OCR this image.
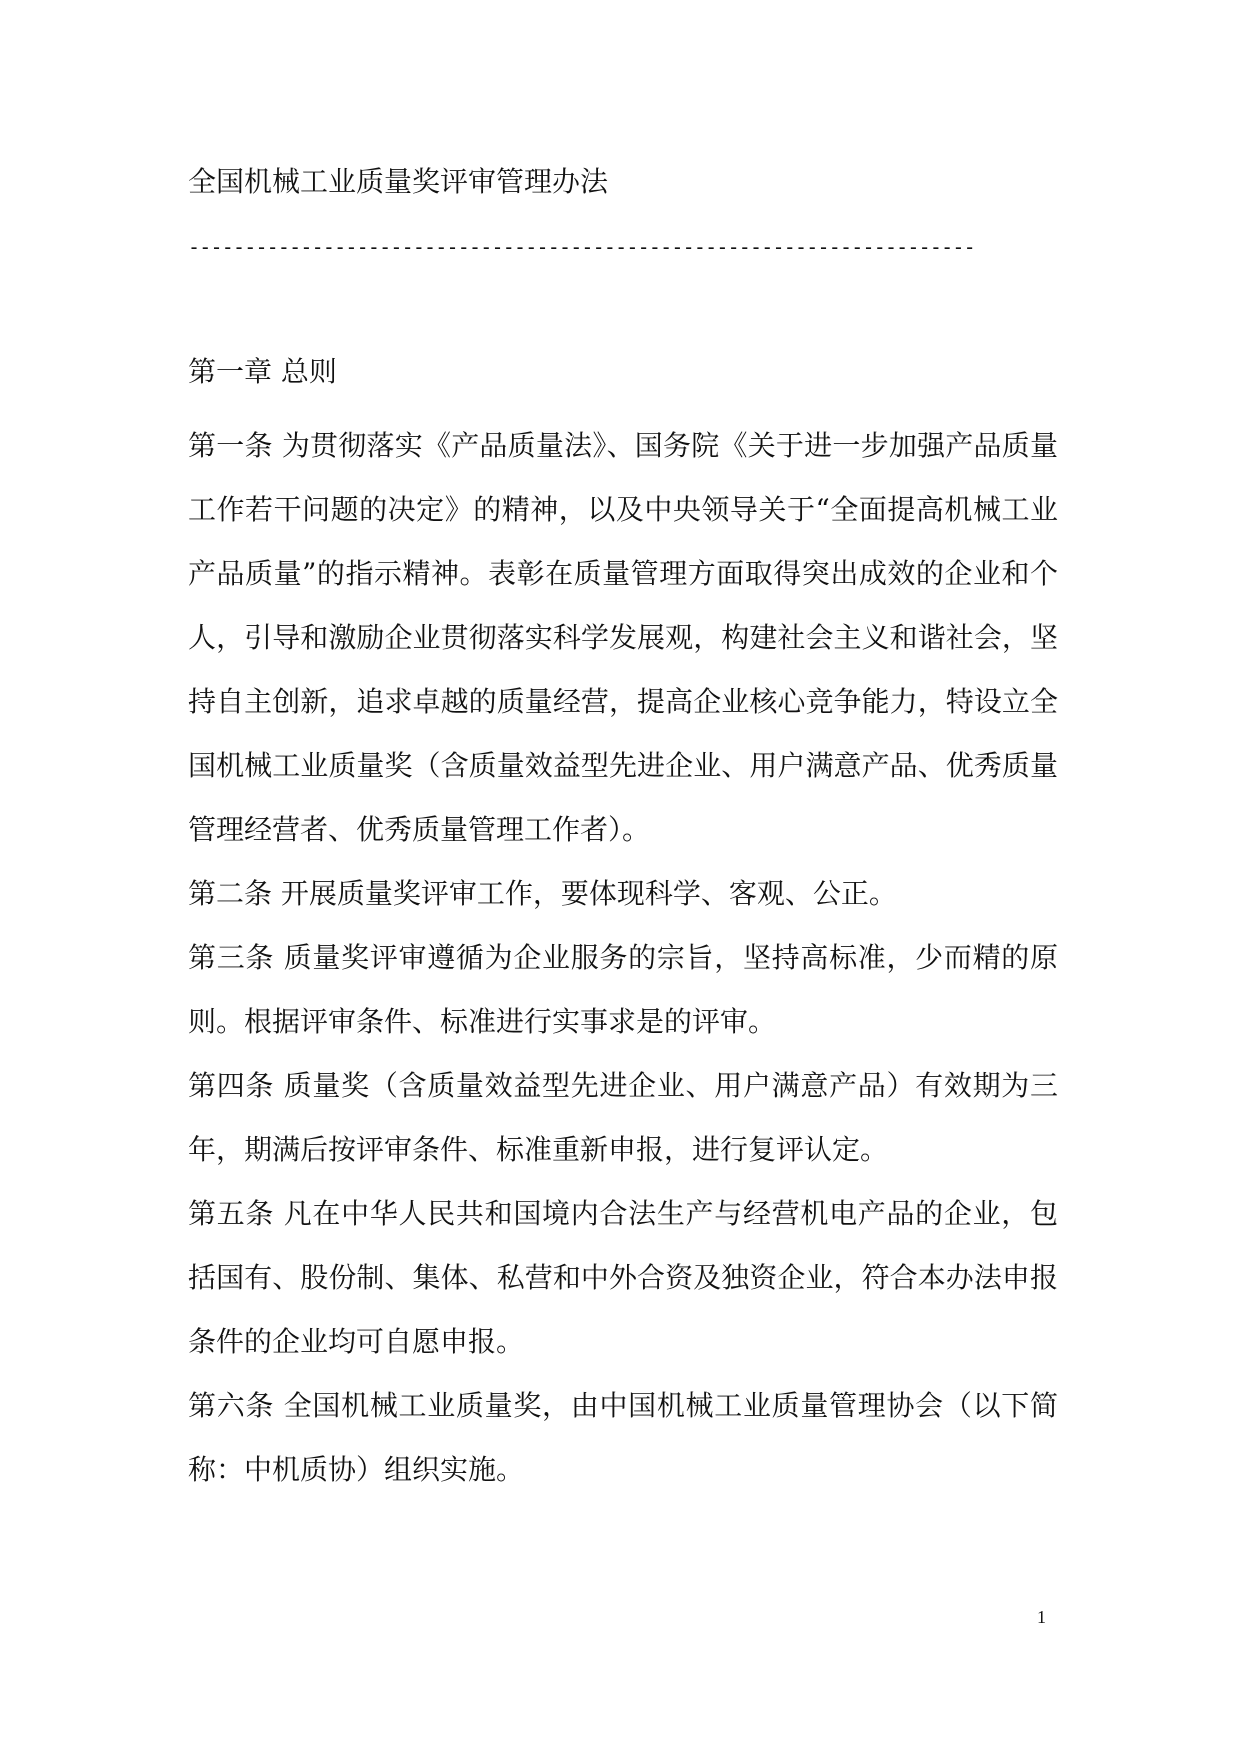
全国机械工业质量奖评审管理办法
----------------------------------------------------------------------
第一章 总则

第一条 为贯彻落实《产品质量法》、国务院《关于进一步加强产品质量工作若干问题的决定》的精神，以及中央领导关于“全面提高机械工业产品质量”的指示精神。表彰在质量管理方面取得突出成效的企业和个人，引导和激励企业贯彻落实科学发展观，构建社会主义和谐社会，坚持自主创新，追求卓越的质量经营，提高企业核心竞争能力，特设立全国机械工业质量奖（含质量效益型先进企业、用户满意产品、优秀质量管理经营者、优秀质量管理工作者）。

第二条 开展质量奖评审工作，要体现科学、客观、公正。

第三条 质量奖评审遵循为企业服务的宗旨，坚持高标准，少而精的原则。根据评审条件、标准进行实事求是的评审。

第四条 质量奖（含质量效益型先进企业、用户满意产品）有效期为三年，期满后按评审条件、标准重新申报，进行复评认定。

第五条 凡在中华人民共和国境内合法生产与经营机电产品的企业，包括国有、股份制、集体、私营和中外合资及独资企业，符合本办法申报条件的企业均可自愿申报。

第六条 全国机械工业质量奖，由中国机械工业质量管理协会（以下简称：中机质协）组织实施。

1
